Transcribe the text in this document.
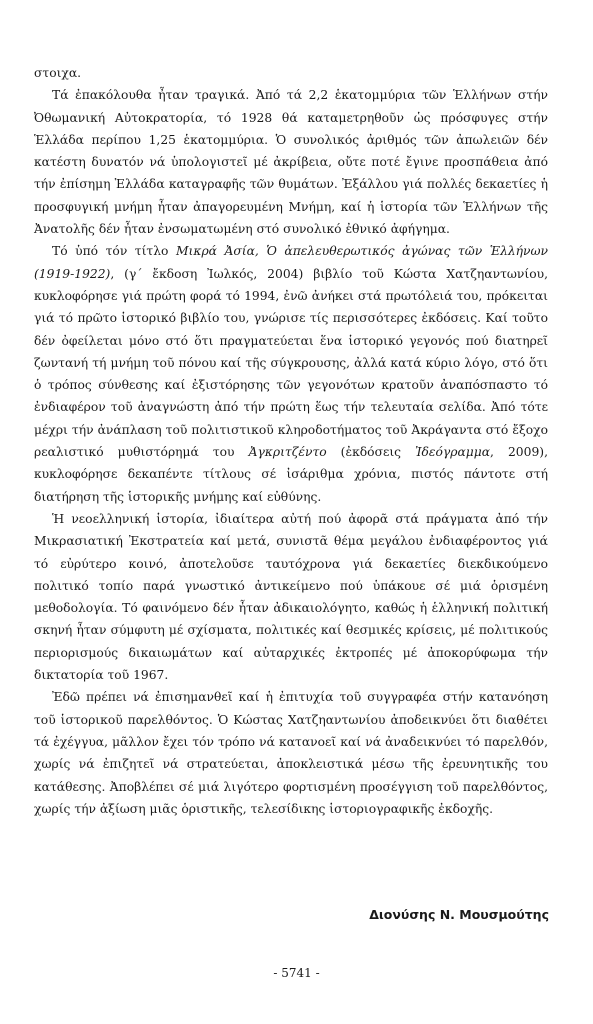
στοιχα.

Τά ἐπακόλουθα ἦταν τραγικά. Ἀπό τά 2,2 ἑκατομμύρια τῶν Ἑλλήνων στήν Ὀθωμανική Αὐτοκρατορία, τό 1928 θά καταμετρηθοῦν ὡς πρόσφυγες στήν Ἑλλάδα περίπου 1,25 ἑκατομμύρια. Ὁ συνολικός ἀριθμός τῶν ἀπωλειῶν δέν κατέστη δυνατόν νά ὑπολογιστεῖ μέ ἀκρίβεια, οὔτε ποτέ ἔγινε προσπάθεια ἀπό τήν ἐπίσημη Ἑλλάδα καταγραφῆς τῶν θυμάτων. Ἐξάλλου γιά πολλές δεκαετίες ἡ προσφυγική μνήμη ἦταν ἀπαγορευμένη Μνήμη, καί ἡ ἱστορία τῶν Ἑλλήνων τῆς Ἀνατολῆς δέν ἦταν ἐνσωματωμένη στό συνολικό ἐθνικό ἀφήγημα.

Τό ὑπό τόν τίτλο Μικρά Ἀσία, Ὁ ἀπελευθερωτικός ἀγώνας τῶν Ἑλλήνων (1919-1922), (γ΄ ἔκδοση Ἰωλκός, 2004) βιβλίο τοῦ Κώστα Χατζηαντωνίου, κυκλοφόρησε γιά πρώτη φορά τό 1994, ἐνῶ ἀνήκει στά πρωτόλειά του, πρόκειται γιά τό πρῶτο ἱστορικό βιβλίο του, γνώρισε τίς περισσότερες ἐκδόσεις. Καί τοῦτο δέν ὀφείλεται μόνο στό ὅτι πραγματεύεται ἕνα ἱστορικό γεγονός πού διατηρεῖ ζωντανή τή μνήμη τοῦ πόνου καί τῆς σύγκρουσης, ἀλλά κατά κύριο λόγο, στό ὅτι ὁ τρόπος σύνθεσης καί ἐξιστόρησης τῶν γεγονότων κρατοῦν ἀναπόσπαστο τό ἐνδιαφέρον τοῦ ἀναγνώστη ἀπό τήν πρώτη ἕως τήν τελευταία σελίδα. Ἀπό τότε μέχρι τήν ἀνάπλαση τοῦ πολιτιστικοῦ κληροδοτήματος τοῦ Ἀκράγαντα στό ἔξοχο ρεαλιστικό μυθιστόρημά του Ἀγκριτζέντο (ἐκδόσεις Ἰδεόγραμμα, 2009), κυκλοφόρησε δεκαπέντε τίτλους σέ ἰσάριθμα χρόνια, πιστός πάντοτε στή διατήρηση τῆς ἱστορικῆς μνήμης καί εὐθύνης.

Ἡ νεοελληνική ἱστορία, ἰδιαίτερα αὐτή πού ἀφορᾶ στά πράγματα ἀπό τήν Μικρασιατική Ἐκστρατεία καί μετά, συνιστᾶ θέμα μεγάλου ἐνδιαφέροντος γιά τό εὐρύτερο κοινό, ἀποτελοῦσε ταυτόχρονα γιά δεκαετίες διεκδικούμενο πολιτικό τοπίο παρά γνωστικό ἀντικείμενο πού ὑπάκουε σέ μιά ὁρισμένη μεθοδολογία. Τό φαινόμενο δέν ἦταν ἀδικαιολόγητο, καθώς ἡ ἑλληνική πολιτική σκηνή ἦταν σύμφυτη μέ σχίσματα, πολιτικές καί θεσμικές κρίσεις, μέ πολιτικούς περιορισμούς δικαιωμάτων καί αὐταρχικές ἐκτροπές μέ ἀποκορύφωμα τήν δικτατορία τοῦ 1967.

Ἐδῶ πρέπει νά ἐπισημανθεῖ καί ἡ ἐπιτυχία τοῦ συγγραφέα στήν κατανόηση τοῦ ἱστορικοῦ παρελθόντος. Ὁ Κώστας Χατζηαντωνίου ἀποδεικνύει ὅτι διαθέτει τά ἐχέγγυα, μᾶλλον ἔχει τόν τρόπο νά κατανοεῖ καί νά ἀναδεικνύει τό παρελθόν, χωρίς νά ἐπιζητεῖ νά στρατεύεται, ἀποκλειστικά μέσω τῆς ἐρευνητικῆς του κατάθεσης. Ἀποβλέπει σέ μιά λιγότερο φορτισμένη προσέγγιση τοῦ παρελθόντος, χωρίς τήν ἀξίωση μιᾶς ὁριστικῆς, τελεσίδικης ἱστοριογραφικῆς ἐκδοχῆς.

Διονύσης Ν. Μουσμούτης
- 5741 -
